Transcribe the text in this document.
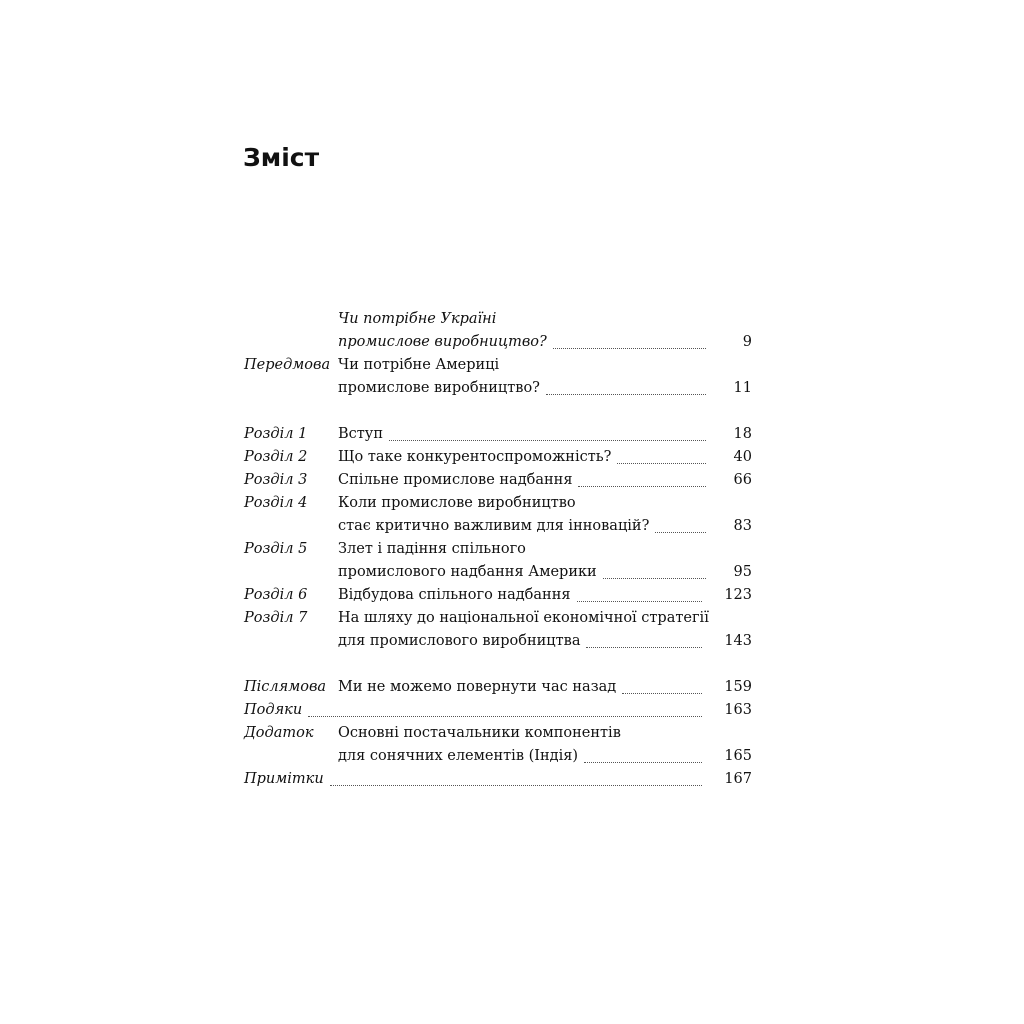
Зміст
Чи потрібне Україні
промислове виробництво?	9
Передмова Чи потрібне Америці
промислове виробництво?	11
Розділ 1	Вступ	18
Розділ 2	Що таке конкурентоспроможність?	40
Розділ 3	Спільне промислове надбання	66
Розділ 4	Коли промислове виробництво
стає критично важливим для інновацій?	83
Розділ 5	Злет і падіння спільного
промислового надбання Америки	95
Розділ 6	Відбудова спільного надбання	123
Розділ 7	На шляху до національної економічної стратегії
для промислового виробництва	143
Післямова Ми не можемо повернути час назад	159
Подяки	163
Додаток	Основні постачальники компонентів
для сонячних елементів (Індія)	165
Примітки	167
